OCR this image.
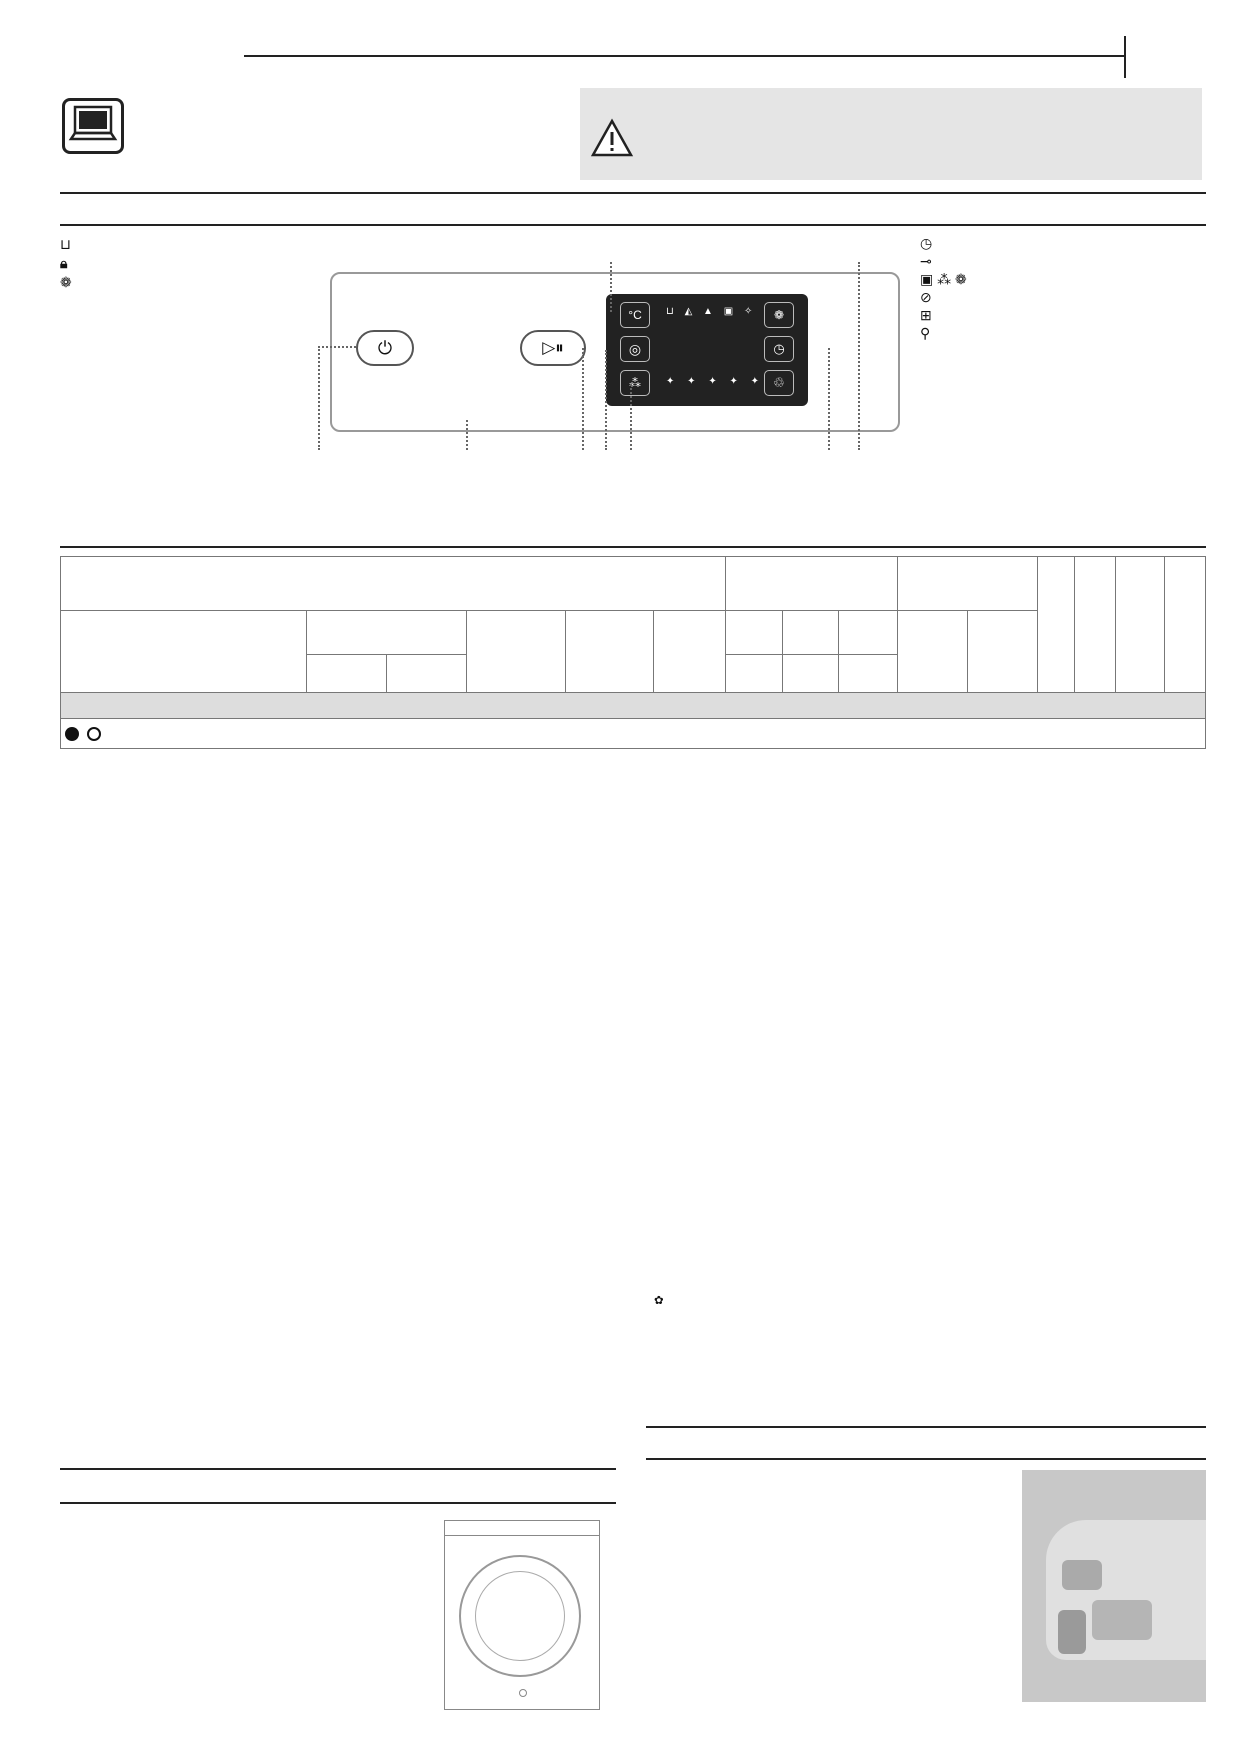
⊔
🔒︎
❁
⏻	▷⏸
°C
◎
⁂
⊔ ◭ ▲ ▣ ✧
✦ ✦ ✦ ✦ ✦
❁
◷
♲
◷
⊸
▣ ⁂ ❁
⊘
⊞
⚲

✿
